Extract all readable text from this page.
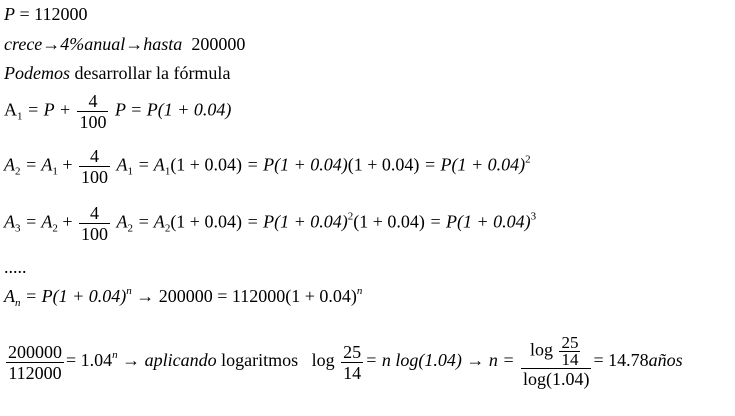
P = 112000
crece→4%anual→hasta 200000
Podemos desarrollar la fórmula
$A_1 = P + \frac{4}{100}$ P = P(1 + 0.04)
$A_2 = A_1 + \frac{4}{100} A_1 = A_1(1 + 0.04) = P(1 + 0.04)(1 + 0.04) = P(1 + 0.04)^2$
$A_3 = A_2 + \frac{4}{100} A_2 = A_2(1 + 0.04) = P(1 + 0.04)^2(1 + 0.04) = P(1 + 0.04)^3$
.....
$A_n = P(1 + 0.04)^n \to 200000 = 112000(1 + 0.04)^n$
$\frac{200000}{112000} = 1.04^n$ → aplicando logaritmos $\log \frac{25}{14} = n$ $\log(1.04) \to n = \frac{\log \frac{25}{14}}{\log(1.04)}$ = 14.78años
